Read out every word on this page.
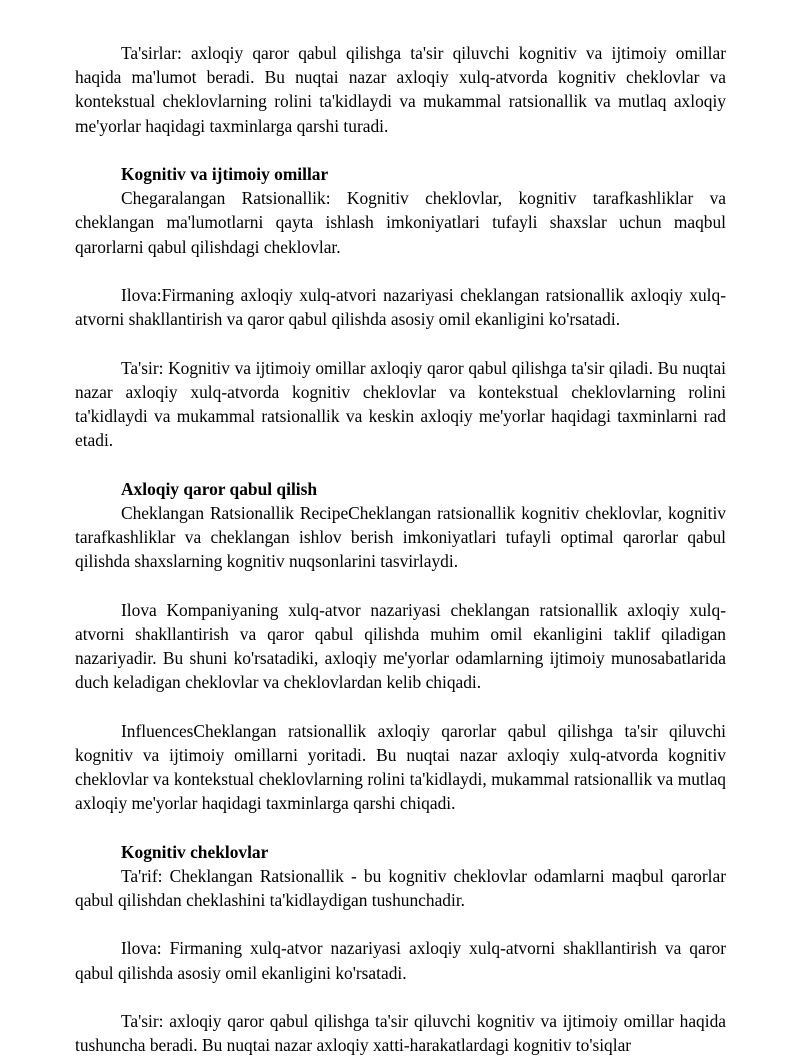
Ta'sirlar: axloqiy qaror qabul qilishga ta'sir qiluvchi kognitiv va ijtimoiy omillar haqida ma'lumot beradi. Bu nuqtai nazar axloqiy xulq-atvorda kognitiv cheklovlar va kontekstual cheklovlarning rolini ta'kidlaydi va mukammal ratsionallik va mutlaq axloqiy me'yorlar haqidagi taxminlarga qarshi turadi.

Kognitiv va ijtimoiy omillar

Chegaralangan Ratsionallik: Kognitiv cheklovlar, kognitiv tarafkashliklar va cheklangan ma'lumotlarni qayta ishlash imkoniyatlari tufayli shaxslar uchun maqbul qarorlarni qabul qilishdagi cheklovlar.

Ilova:Firmaning axloqiy xulq-atvori nazariyasi cheklangan ratsionallik axloqiy xulq-atvorni shakllantirish va qaror qabul qilishda asosiy omil ekanligini ko'rsatadi.

Ta'sir: Kognitiv va ijtimoiy omillar axloqiy qaror qabul qilishga ta'sir qiladi. Bu nuqtai nazar axloqiy xulq-atvorda kognitiv cheklovlar va kontekstual cheklovlarning rolini ta'kidlaydi va mukammal ratsionallik va keskin axloqiy me'yorlar haqidagi taxminlarni rad etadi.

Axloqiy qaror qabul qilish

Cheklangan Ratsionallik RecipeCheklangan ratsionallik kognitiv cheklovlar, kognitiv tarafkashliklar va cheklangan ishlov berish imkoniyatlari tufayli optimal qarorlar qabul qilishda shaxslarning kognitiv nuqsonlarini tasvirlaydi.

Ilova Kompaniyaning xulq-atvor nazariyasi cheklangan ratsionallik axloqiy xulq-atvorni shakllantirish va qaror qabul qilishda muhim omil ekanligini taklif qiladigan nazariyadir. Bu shuni ko'rsatadiki, axloqiy me'yorlar odamlarning ijtimoiy munosabatlarida duch keladigan cheklovlar va cheklovlardan kelib chiqadi.

InfluencesCheklangan ratsionallik axloqiy qarorlar qabul qilishga ta'sir qiluvchi kognitiv va ijtimoiy omillarni yoritadi. Bu nuqtai nazar axloqiy xulq-atvorda kognitiv cheklovlar va kontekstual cheklovlarning rolini ta'kidlaydi, mukammal ratsionallik va mutlaq axloqiy me'yorlar haqidagi taxminlarga qarshi chiqadi.

Kognitiv cheklovlar

Ta'rif: Cheklangan Ratsionallik - bu kognitiv cheklovlar odamlarni maqbul qarorlar qabul qilishdan cheklashini ta'kidlaydigan tushunchadir.

Ilova: Firmaning xulq-atvor nazariyasi axloqiy xulq-atvorni shakllantirish va qaror qabul qilishda asosiy omil ekanligini ko'rsatadi.

Ta'sir: axloqiy qaror qabul qilishga ta'sir qiluvchi kognitiv va ijtimoiy omillar haqida tushuncha beradi. Bu nuqtai nazar axloqiy xatti-harakatlardagi kognitiv to'siqlar
